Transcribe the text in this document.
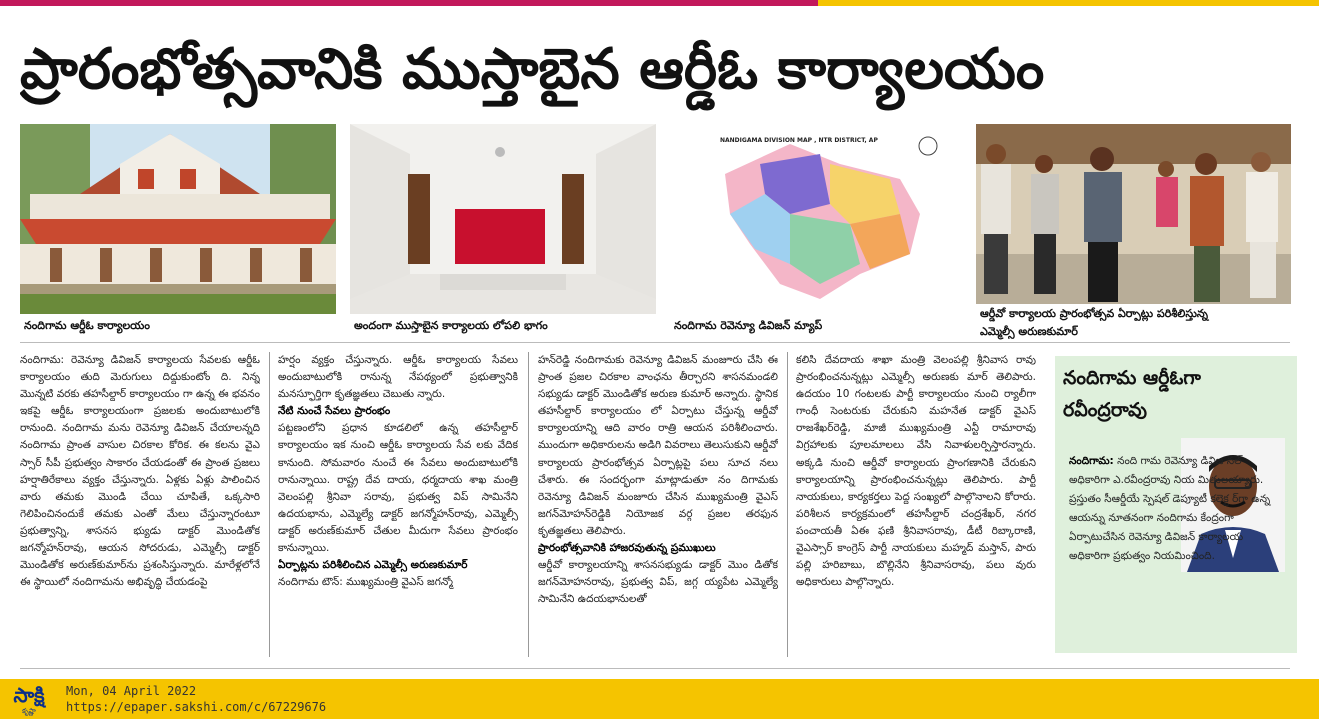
ప్రారంభోత్సవానికి ముస్తాబైన ఆర్డీఓ కార్యాలయం
నందిగామ ఆర్డీఓ కార్యాలయం	అందంగా ముస్తాబైన కార్యాలయ లోపలి భాగం
NANDIGAMA DIVISION MAP , NTR DISTRICT, AP
నందిగామ రెవెన్యూ డివిజన్ మ్యాప్
ఆర్డీవో కార్యాలయ ప్రారంభోత్సవ ఏర్పాట్లు పరిశీలిస్తున్న
ఎమ్మెల్సీ అరుణకుమార్

నందిగామ: రెవెన్యూ డివిజన్ కార్యాలయ సేవలకు ఆర్డీఓ కార్యాలయం తుది మెరుగులు దిద్దుకుంటోం ది. నిన్న మొన్నటి వరకు తహసీల్దార్ కార్యాలయం గా ఉన్న ఈ భవనం ఇకపై ఆర్డీఓ కార్యాలయంగా ప్రజలకు అందుబాటులోకి రానుంది. నందిగామ మను రెవెన్యూ డివిజన్ చేయాలన్నది నందిగామ ప్రాంత వాసుల చిరకాల కోరిక. ఈ కలను వైఎ స్సార్ సీపీ ప్రభుత్వం సాకారం చేయడంతో ఈ ప్రాంత ప్రజలు హర్షాతిరేకాలు వ్యక్తం చేస్తున్నారు. ఏళ్లకు ఏళ్లు పాలించిన వారు తమకు మొండి చేయి చూపితే, ఒక్కసారి గెలిపించినందుకే తమకు ఎంతో మేలు చేస్తున్నారంటూ ప్రభుత్వాన్ని, శాసనస భ్యుడు డాక్టర్ మొండితోక జగన్మోహన్‌రావు, ఆయన సోదరుడు, ఎమ్మెల్సీ డాక్టర్ మొండితోక అరుణ్‌కుమార్‌ను ప్రశంసిస్తున్నారు. మారేళ్లలోనే ఈ స్థాయిలో నందిగామను అభివృద్ధి చేయడంపై

హర్షం వ్యక్తం చేస్తున్నారు. ఆర్డీఓ కార్యాలయ సేవలు అందుబాటులోకి రానున్న నేపథ్యంలో ప్రభుత్వానికి మనస్ఫూర్తిగా కృతజ్ఞతలు చెబుతు న్నారు.

నేటి నుంచే సేవలు ప్రారంభం

పట్టణంలోని ప్రధాన కూడలిలో ఉన్న తహసీల్దార్ కార్యాలయం ఇక నుంచి ఆర్డీఓ కార్యాలయ సేవ లకు వేదిక కానుంది. సోమవారం నుంచే ఈ సేవలు అందుబాటులోకి రానున్నాయి. రాష్ట్ర దేవ దాయ, ధర్మదాయ శాఖ మంత్రి వెలంపల్లి శ్రీనివా సరావు, ప్రభుత్వ విప్ సామినేని ఉదయభాను, ఎమ్మెల్యే డాక్టర్ జగన్మోహన్‌రావు, ఎమ్మెల్సీ డాక్టర్ అరుణ్‌కుమార్ చేతుల మీదుగా సేవలు ప్రారంభం కానున్నాయి.

ఏర్పాట్లను పరిశీలించిన ఎమ్మెల్సీ అరుణకుమార్

నందిగామ టౌన్: ముఖ్యమంత్రి వైఎస్ జగన్మో

హన్‌రెడ్డి నందిగామకు రెవెన్యూ డివిజన్ మంజూరు చేసి ఈ ప్రాంత ప్రజల చిరకాల వాంఛను తీర్చారని శాసనమండలి సభ్యుడు డాక్టర్ మొండితోక అరుణ కుమార్ అన్నారు. స్థానిక తహసీల్దార్ కార్యాలయం లో ఏర్పాటు చేస్తున్న ఆర్డీవో కార్యాలయాన్ని ఆది వారం రాత్రి ఆయన పరిశీలించారు. ముందుగా అధికారులను అడిగి వివరాలు తెలుసుకుని ఆర్డీవో కార్యాలయ ప్రారంభోత్సవ ఏర్పాట్లపై పలు సూచ నలు చేశారు. ఈ సందర్భంగా మాట్లాడుతూ నం దిగామకు రెవెన్యూ డివిజన్ మంజూరు చేసిన ముఖ్యమంత్రి వైఎస్ జగన్‌మోహన్‌రెడ్డికి నియోజక వర్గ ప్రజల తరఫున కృతజ్ఞతలు తెలిపారు.

ప్రారంభోత్సవానికి హాజరవుతున్న ప్రముఖులు

ఆర్డీవో కార్యాలయాన్ని శాసనసభ్యుడు డాక్టర్ మొం డితోక జగన్‌మోహనరావు, ప్రభుత్వ విప్, జగ్గ య్యపేట ఎమ్మెల్యే సామినేని ఉదయభానులతో

కలిసి దేవదాయ శాఖా మంత్రి వెలంపల్లి శ్రీనివాస రావు ప్రారంభించనున్నట్లు ఎమ్మెల్సీ అరుణకు మార్ తెలిపారు. ఉదయం 10 గంటలకు పార్టీ కార్యాలయం నుంచి ర్యాలీగా గాంధీ సెంటరుకు చేరుకుని మహనేత డాక్టర్ వైఎస్ రాజశేఖర్‌రెడ్డి, మాజీ ముఖ్యమంత్రి ఎన్టీ రామారావు విగ్రహాలకు పూలమాలలు వేసి నివాళులర్పిస్తారన్నారు. అక్కడి నుంచి ఆర్డీవో కార్యాలయ ప్రాంగణానికి చేరుకుని కార్యాలయాన్ని ప్రారంభించనున్నట్లు తెలిపారు. పార్టీ నాయకులు, కార్యకర్తలు పెద్ద సంఖ్యలో పాల్గొనాలని కోరారు. పరిశీలన కార్యక్రమంలో తహసీల్దార్ చంద్రశేఖర్, నగర పంచాయతీ ఏఈ ఫణి శ్రీనివాసరావు, డీటీ రిబ్కారాణి, వైఎస్సార్ కాంగ్రెస్ పార్టీ నాయకులు మహ్మద్ మస్తాన్, పారు పల్లి హరిబాబు, బొల్లినేని శ్రీనివాసరావు, పలు వురు అధికారులు పాల్గొన్నారు.

నందిగామ ఆర్డీఓగా రవీంద్రరావు
నందిగామ: నంది గామ రెవెన్యూ డివిజ నల్ అధికారిగా ఎ.రవీంద్రరావు నియ మితులయ్యారు. ప్రస్తుతం సీఆర్డీయే స్పెషల్ డెప్యూటీ కలెక్ట ర్‌గా ఉన్న ఆయన్ను నూతనంగా నందిగామ కేంద్రంగా ఏర్పాటుచేసిన రెవెన్యూ డివిజన్ కార్యాలయ అధికారిగా ప్రభుత్వం నియమించింది.
సాక్షి
కృష్ణా
Mon, 04 April 2022
https://epaper.sakshi.com/c/67229676
